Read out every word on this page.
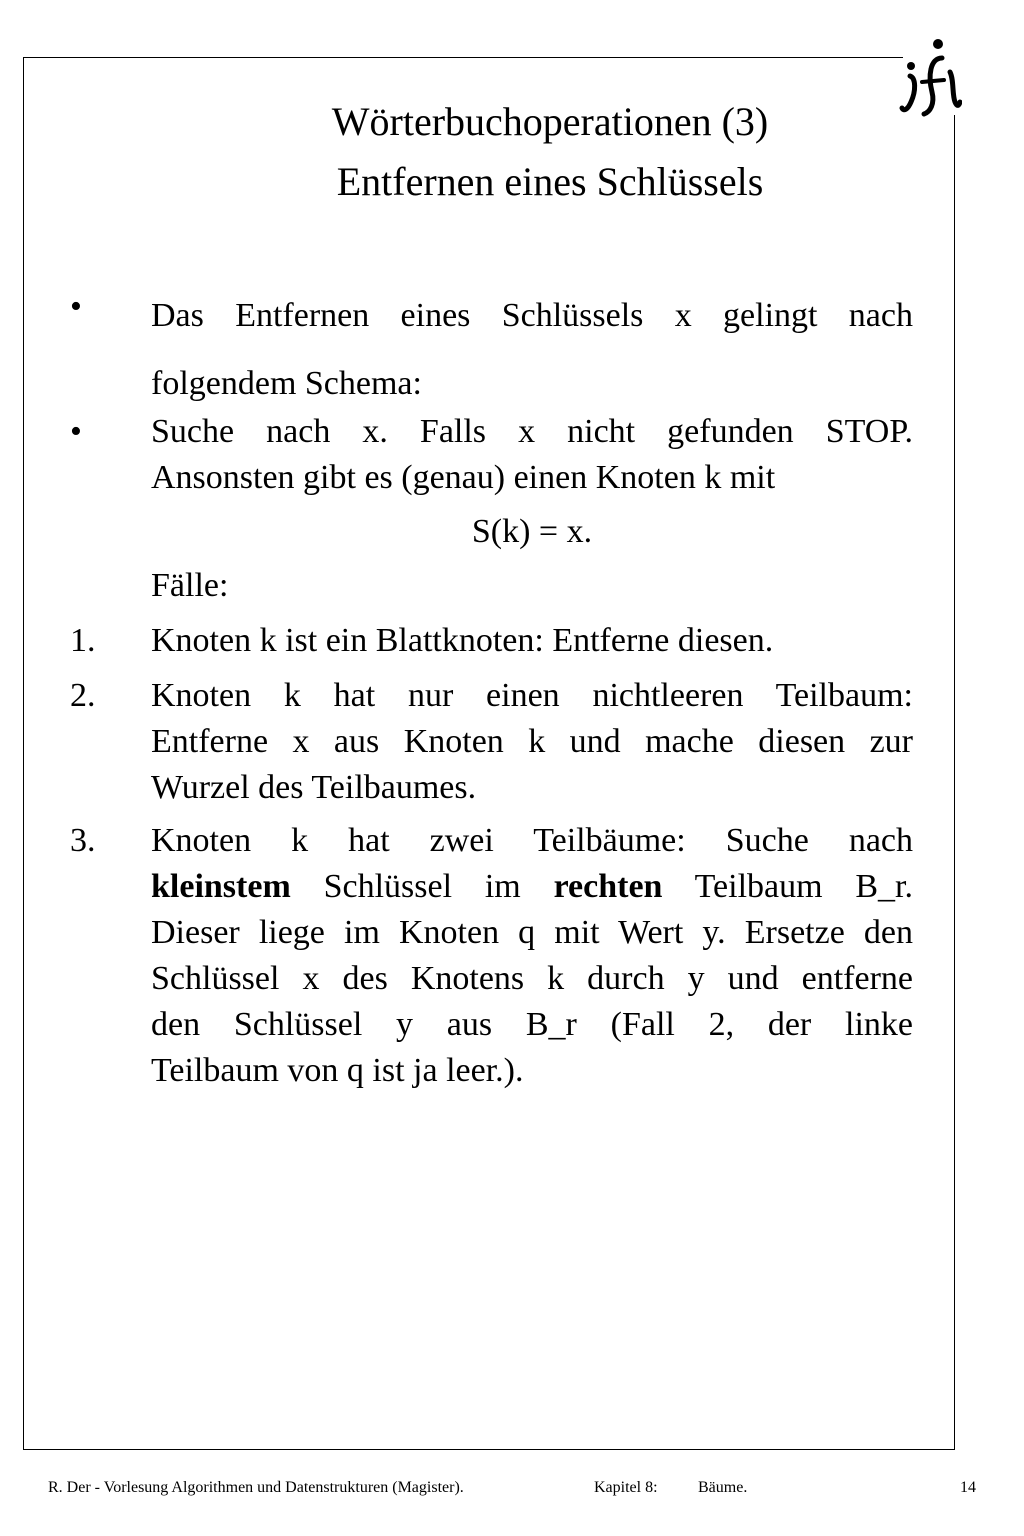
Wörterbuchoperationen (3)
Entfernen eines Schlüssels
• Das Entfernen eines Schlüssels x gelingt nach
folgendem Schema:
• Suche nach x. Falls x nicht gefunden STOP.
Ansonsten gibt es (genau) einen Knoten k mit
S(k) = x.
Fälle:
1. Knoten k ist ein Blattknoten: Entferne diesen.
2. Knoten k hat nur einen nichtleeren Teilbaum:
Entferne x aus Knoten k und mache diesen zur
Wurzel des Teilbaumes.
3. Knoten k hat zwei Teilbäume: Suche nach
kleinstem Schlüssel im rechten Teilbaum B_r.
Dieser liege im Knoten q mit Wert y. Ersetze den
Schlüssel x des Knotens k durch y und entferne
den Schlüssel y aus B_r (Fall 2, der linke
Teilbaum von q ist ja leer.).
R. Der - Vorlesung Algorithmen und Datenstrukturen (Magister).	Kapitel 8:	Bäume.	14
